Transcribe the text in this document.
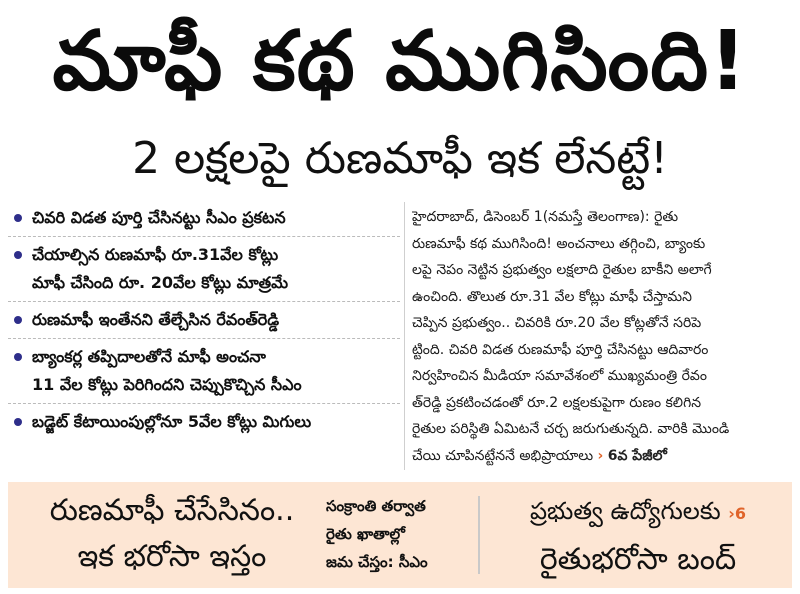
మాఫీ కథ ముగిసింది!
2 లక్షలపై రుణమాఫీ ఇక లేనట్టే!
చివరి విడత పూర్తి చేసినట్టు సీఎం ప్రకటన
చేయాల్సిన రుణమాఫీ రూ.31వేల కోట్లు
మాఫీ చేసింది రూ. 20వేల కోట్లు మాత్రమే
రుణమాఫీ ఇంతేనని తేల్చేసిన రేవంత్‌రెడ్డి
బ్యాంకర్ల తప్పిదాలతోనే మాఫీ అంచనా
11 వేల కోట్లు పెరిగిందని చెప్పుకొచ్చిన సీఎం
బడ్జెట్ కేటాయింపుల్లోనూ 5వేల కోట్లు మిగులు
హైదరాబాద్, డిసెంబర్ 1(నమస్తే తెలంగాణ): రైతు
రుణమాఫీ కథ ముగిసింది! అంచనాలు తగ్గించి, బ్యాంకు
లపై నెపం నెట్టిన ప్రభుత్వం లక్షలాది రైతుల బాకీని అలాగే
ఉంచింది. తొలుత రూ.31 వేల కోట్లు మాఫీ చేస్తామని
చెప్పిన ప్రభుత్వం.. చివరికి రూ.20 వేల కోట్లతోనే సరిపె
ట్టింది. చివరి విడత రుణమాఫీ పూర్తి చేసినట్టు ఆదివారం
నిర్వహించిన మీడియా సమావేశంలో ముఖ్యమంత్రి రేవం
త్‌రెడ్డి ప్రకటించడంతో రూ.2 లక్షలకుపైగా రుణం కలిగిన
రైతుల పరిస్థితి ఏమిటనే చర్చ జరుగుతున్నది. వారికి మొండి
చేయి చూపినట్టేననే అభిప్రాయాలు › 6వ పేజీలో
రుణమాఫీ చేసేసినం..
ఇక భరోసా ఇస్తం
సంక్రాంతి తర్వాత
రైతు ఖాతాల్లో
జమ చేస్తం: సీఎం
ప్రభుత్వ ఉద్యోగులకు ›6
రైతుభరోసా బంద్
